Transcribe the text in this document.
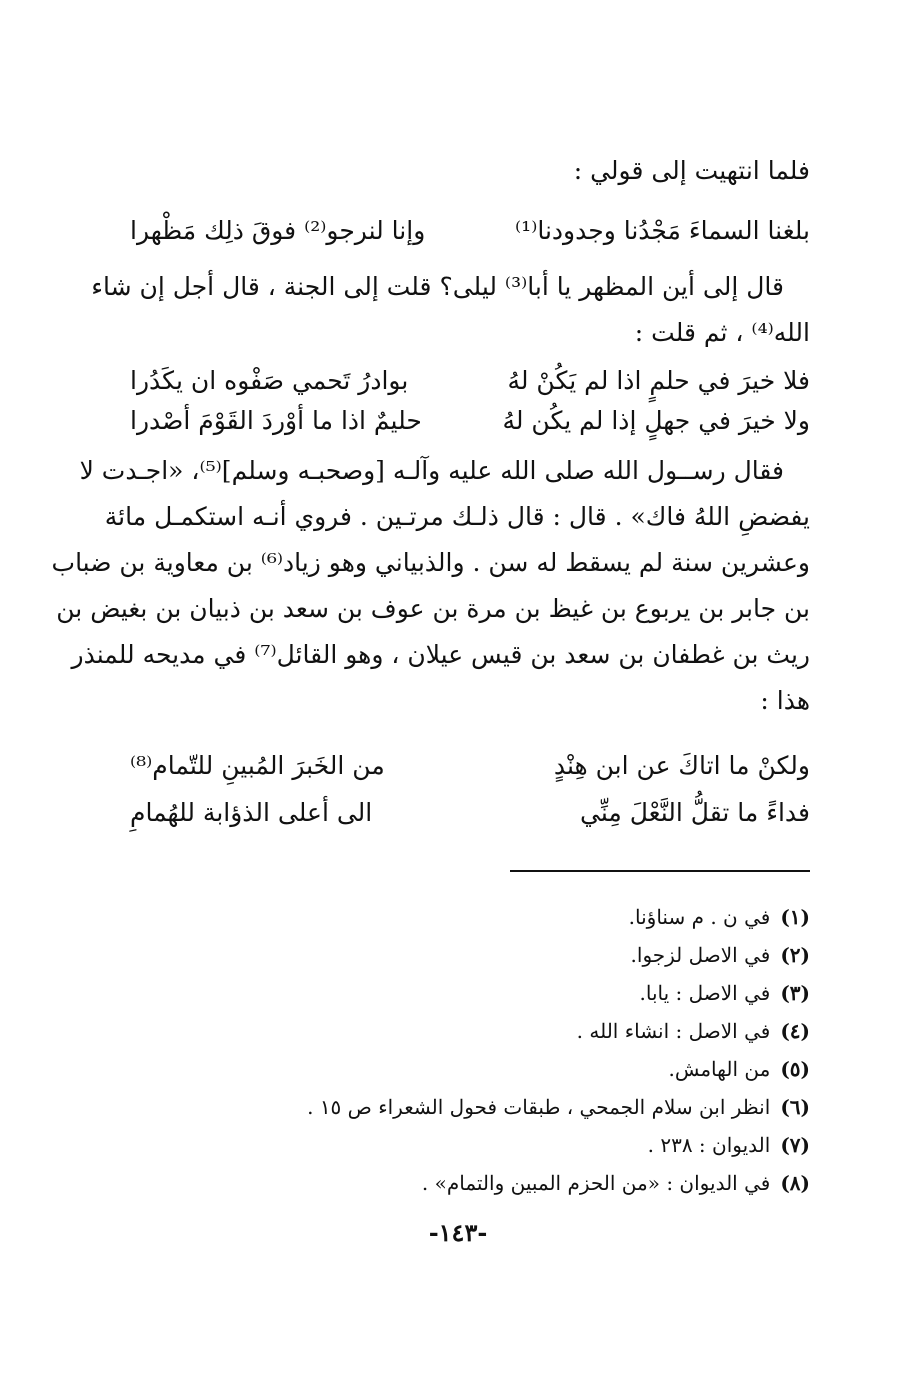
فلما انتهيت إلى قولي :
بلغنا السماءَ مَجْدُنا وجدودنا⁽¹⁾
وإنا لنرجو⁽²⁾ فوقَ ذلِك مَظْهرا
قال إلى أين المظهر يا أبا⁽³⁾ ليلى؟ قلت إلى الجنة ، قال أجل إن شاء
الله⁽⁴⁾ ، ثم قلت :
فلا خيرَ في حلمٍ اذا لم يَكُنْ لهُ
بوادرُ تَحمي صَفْوه ان يكَدُرا
ولا خيرَ في جهلٍ إذا لم يكُن لهُ
حليمٌ اذا ما أوْردَ القَوْمَ أصْدرا
فقال رســول الله صلى الله عليه وآلـه [وصحبـه وسلم]⁽⁵⁾، «اجـدت لا
يفضضِ اللهُ فاك» . قال : قال ذلـك مرتـين . فروي أنـه استكمـل مائة
وعشرين سنة لم يسقط له سن . والذبياني وهو زياد⁽⁶⁾ بن معاوية بن ضباب
بن جابر بن يربوع بن غيظ بن مرة بن عوف بن سعد بن ذبيان بن بغيض بن
ريث بن غطفان بن سعد بن قيس عيلان ، وهو القائل⁽⁷⁾ في مديحه للمنذر
هذا :
ولكنْ ما اتاكَ عن ابن هِنْدٍ
من الخَبرَ المُبينِ للتّمام⁽⁸⁾
فداءً ما تقلُّ النَّعْلَ مِنِّي
الى أعلى الذؤابة للهُمامِ
(١)في ن . م سناؤنا.
(٢)في الاصل لزجوا.
(٣)في الاصل : يابا.
(٤)في الاصل : انشاء الله .
(٥)من الهامش.
(٦)انظر ابن سلام الجمحي ، طبقات فحول الشعراء ص ١٥ .
(٧)الديوان : ٢٣٨ .
(٨)في الديوان : «من الحزم المبين والتمام» .
-١٤٣-
